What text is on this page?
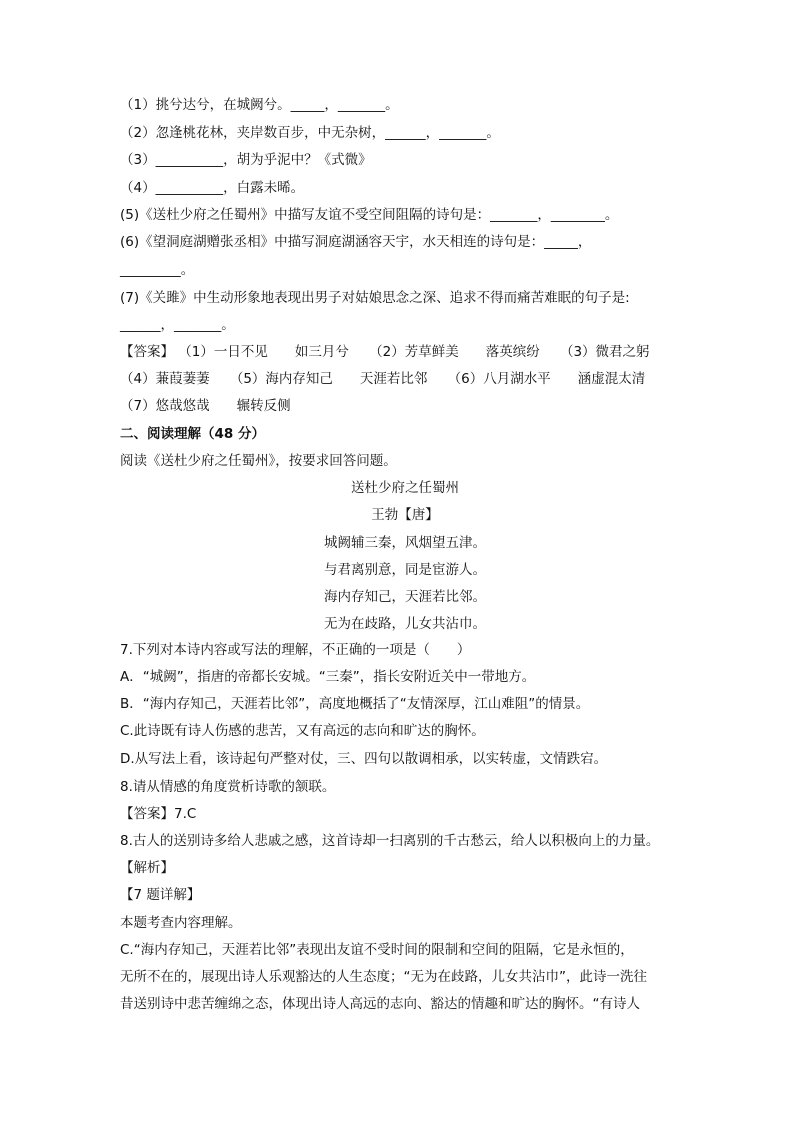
（1）挑兮达兮，在城阙兮。_____，_______。
（2）忽逢桃花林，夹岸数百步，中无杂树，______，_______。
（3）__________，胡为乎泥中？《式微》
（4）__________，白露未晞。
(5)《送杜少府之任蜀州》中描写友谊不受空间阻隔的诗句是：_______，________。
(6)《望洞庭湖赠张丞相》中描写洞庭湖涵容天宇，水天相连的诗句是：_____，
_________。
(7)《关雎》中生动形象地表现出男子对姑娘思念之深、追求不得而痛苦难眠的句子是:
______，_______。
【答案】 （1）一日不见　　如三月兮　　（2）芳草鲜美　　落英缤纷　　（3）微君之躬
（4）蒹葭萋萋　　（5）海内存知己　　天涯若比邻　　（6）八月湖水平　　涵虚混太清
（7）悠哉悠哉　　辗转反侧
二、阅读理解（48 分）
阅读《送杜少府之任蜀州》，按要求回答问题。
送杜少府之任蜀州
王勃【唐】
城阙辅三秦，风烟望五津。
与君离别意，同是宦游人。
海内存知己，天涯若比邻。
无为在歧路，儿女共沾巾。
7.下列对本诗内容或写法的理解，不正确的一项是（　　）
A．“城阙”，指唐的帝都长安城。“三秦”，指长安附近关中一带地方。
B．“海内存知己，天涯若比邻”，高度地概括了“友情深厚，江山难阻”的情景。
C.此诗既有诗人伤感的悲苦，又有高远的志向和旷达的胸怀。
D.从写法上看，该诗起句严整对仗，三、四句以散调相承，以实转虚，文情跌宕。
8.请从情感的角度赏析诗歌的颔联。
【答案】7.C
8.古人的送别诗多给人悲戚之感，这首诗却一扫离别的千古愁云，给人以积极向上的力量。
【解析】
【7 题详解】
本题考查内容理解。
C.“海内存知己，天涯若比邻”表现出友谊不受时间的限制和空间的阻隔，它是永恒的，
无所不在的，展现出诗人乐观豁达的人生态度；“无为在歧路，儿女共沾巾”，此诗一洗往
昔送别诗中悲苦缠绵之态，体现出诗人高远的志向、豁达的情趣和旷达的胸怀。“有诗人
